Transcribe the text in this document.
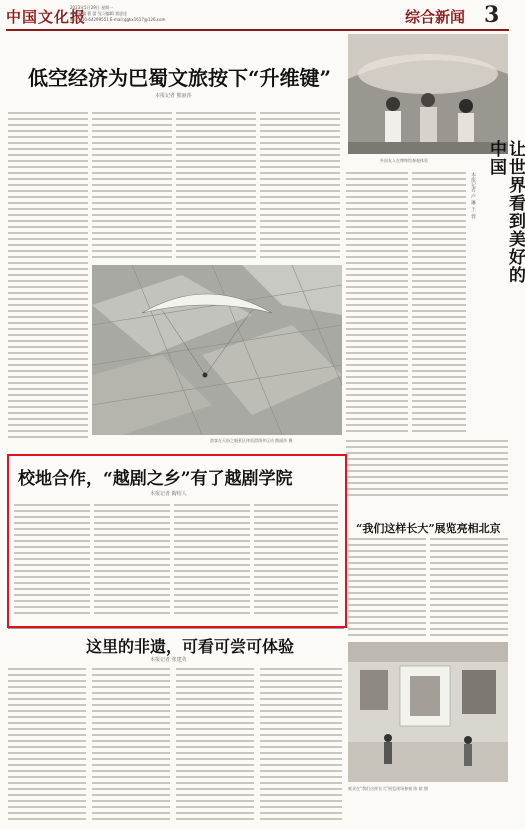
中国文化报
2023年5月29日 星期一
本版责编 曹 蕾 见习编辑 贾思佳
电话:010-64299551 E-mail:ggkx1617@126.com	综合新闻 3
低空经济为巴蜀文旅按下“升维键”
本报记者 熊丽莎
游客在天府之眼景区体验滑翔伞运动 熊丽莎 摄
外国友人在博物馆参观体验	让世界看到美好的中国
本报记者 卢 琳 王 蓉
校地合作，“越剧之乡”有了越剧学院
本报记者 陶绍人
“我们这样长大”展览亮相北京
观众在“我们这样长大”展览现场参观 陈 斌 摄
这里的非遗，可看可尝可体验
本报记者 张建英
